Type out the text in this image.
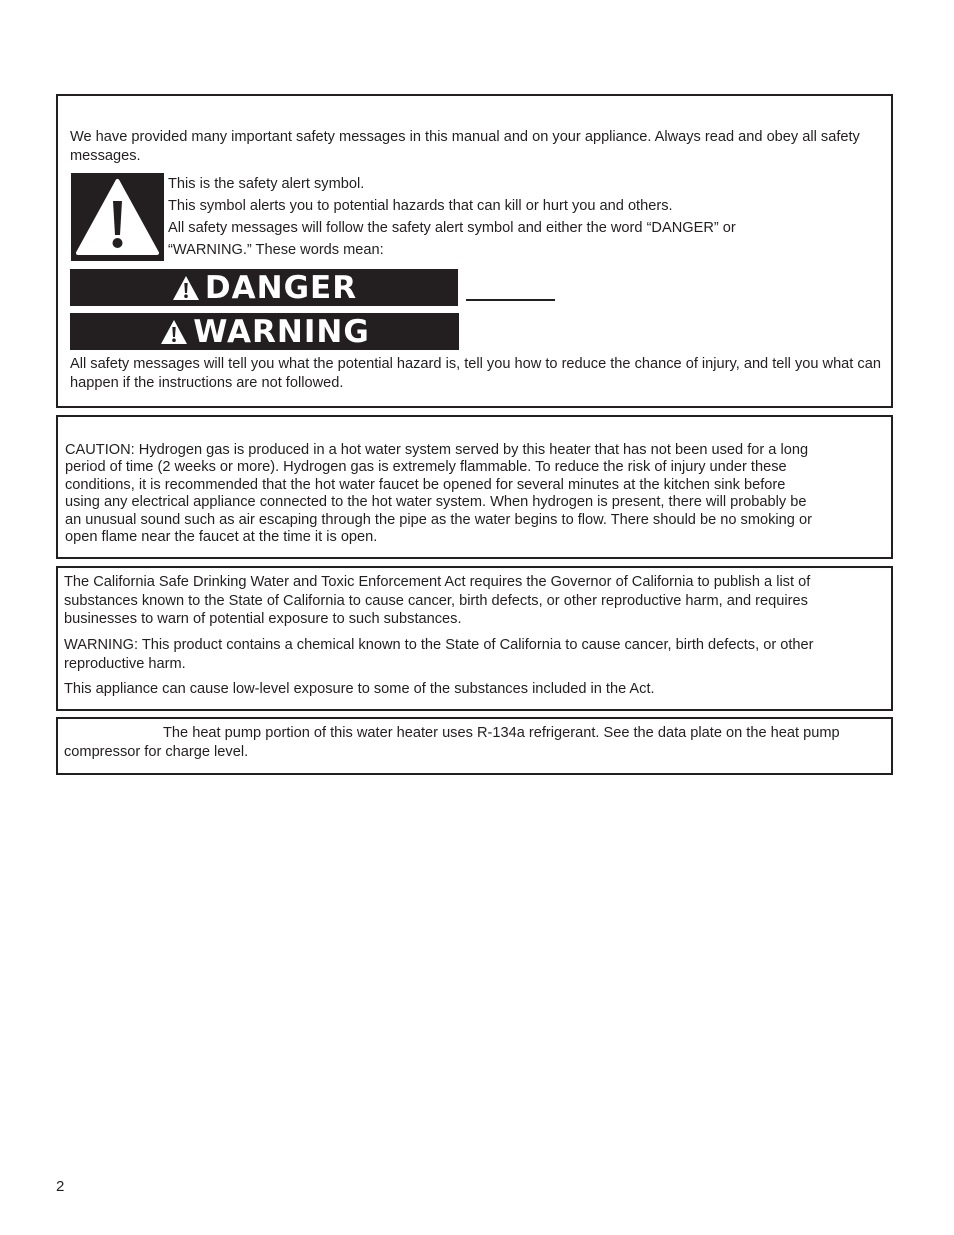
We have provided many important safety messages in this manual and on your appliance. Always read and obey all safety messages.

This is the safety alert symbol.

This symbol alerts you to potential hazards that can kill or hurt you and others.

All safety messages will follow the safety alert symbol and either the word “DANGER” or

“WARNING.” These words mean:

DANGER
WARNING

All safety messages will tell you what the potential hazard is, tell you how to reduce the chance of injury, and tell you what can happen if the instructions are not followed.

CAUTION: Hydrogen gas is produced in a hot water system served by this heater that has not been used for a long
period of time (2 weeks or more). Hydrogen gas is extremely flammable. To reduce the risk of injury under these
conditions, it is recommended that the hot water faucet be opened for several minutes at the kitchen sink before
using any electrical appliance connected to the hot water system. When hydrogen is present, there will probably be
an unusual sound such as air escaping through the pipe as the water begins to flow. There should be no smoking or
open flame near the faucet at the time it is open.

The California Safe Drinking Water and Toxic Enforcement Act requires the Governor of California to publish a list of substances known to the State of California to cause cancer, birth defects, or other reproductive harm, and requires businesses to warn of potential exposure to such substances.

WARNING: This product contains a chemical known to the State of California to cause cancer, birth defects, or other reproductive harm.

This appliance can cause low-level exposure to some of the substances included in the Act.

The heat pump portion of this water heater uses R-134a refrigerant. See the data plate on the heat pump compressor for charge level.

2
